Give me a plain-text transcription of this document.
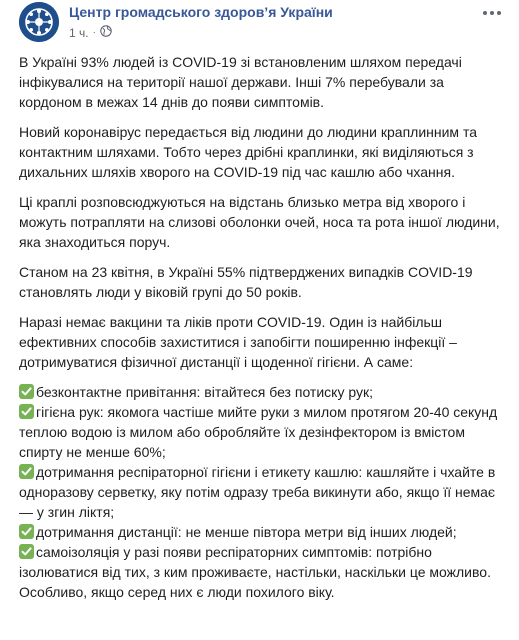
Центр громадського здоров’я України
1 ч. ·

В Україні 93% людей із COVID-19 зі встановленим шляхом передачі інфікувалися на території нашої держави. Інші 7% перебували за кордоном в межах 14 днів до появи симптомів.

Новий коронавірус передається від людини до людини краплинним та контактним шляхами. Тобто через дрібні краплинки, які виділяються з дихальних шляхів хворого на COVID-19 під час кашлю або чхання.

Ці краплі розповсюджуються на відстань близько метра від хворого і можуть потрапляти на слизові оболонки очей, носа та рота іншої людини, яка знаходиться поруч.

Станом на 23 квітня, в Україні 55% підтверджених випадків COVID-19 становлять люди у віковій групі до 50 років.

Наразі немає вакцини та ліків проти COVID-19. Один із найбільш ефективних способів захиститися і запобігти поширенню інфекції – дотримуватися фізичної дистанції і щоденної гігієни. А саме:

безконтактне привітання: вітайтеся без потиску рук;
гігієна рук: якомога частіше мийте руки з милом протягом 20-40 секунд теплою водою із милом або обробляйте їх дезінфектором із вмістом спирту не менше 60%;
дотримання респіраторної гігієни і етикету кашлю: кашляйте і чхайте в одноразову серветку, яку потім одразу треба викинути або, якщо її немає — у згин ліктя;
дотримання дистанції: не менше півтора метри від інших людей;
самоізоляція у разі появи респіраторних симптомів: потрібно ізолюватися від тих, з ким проживаєте, настільки, наскільки це можливо. Особливо, якщо серед них є люди похилого віку.
